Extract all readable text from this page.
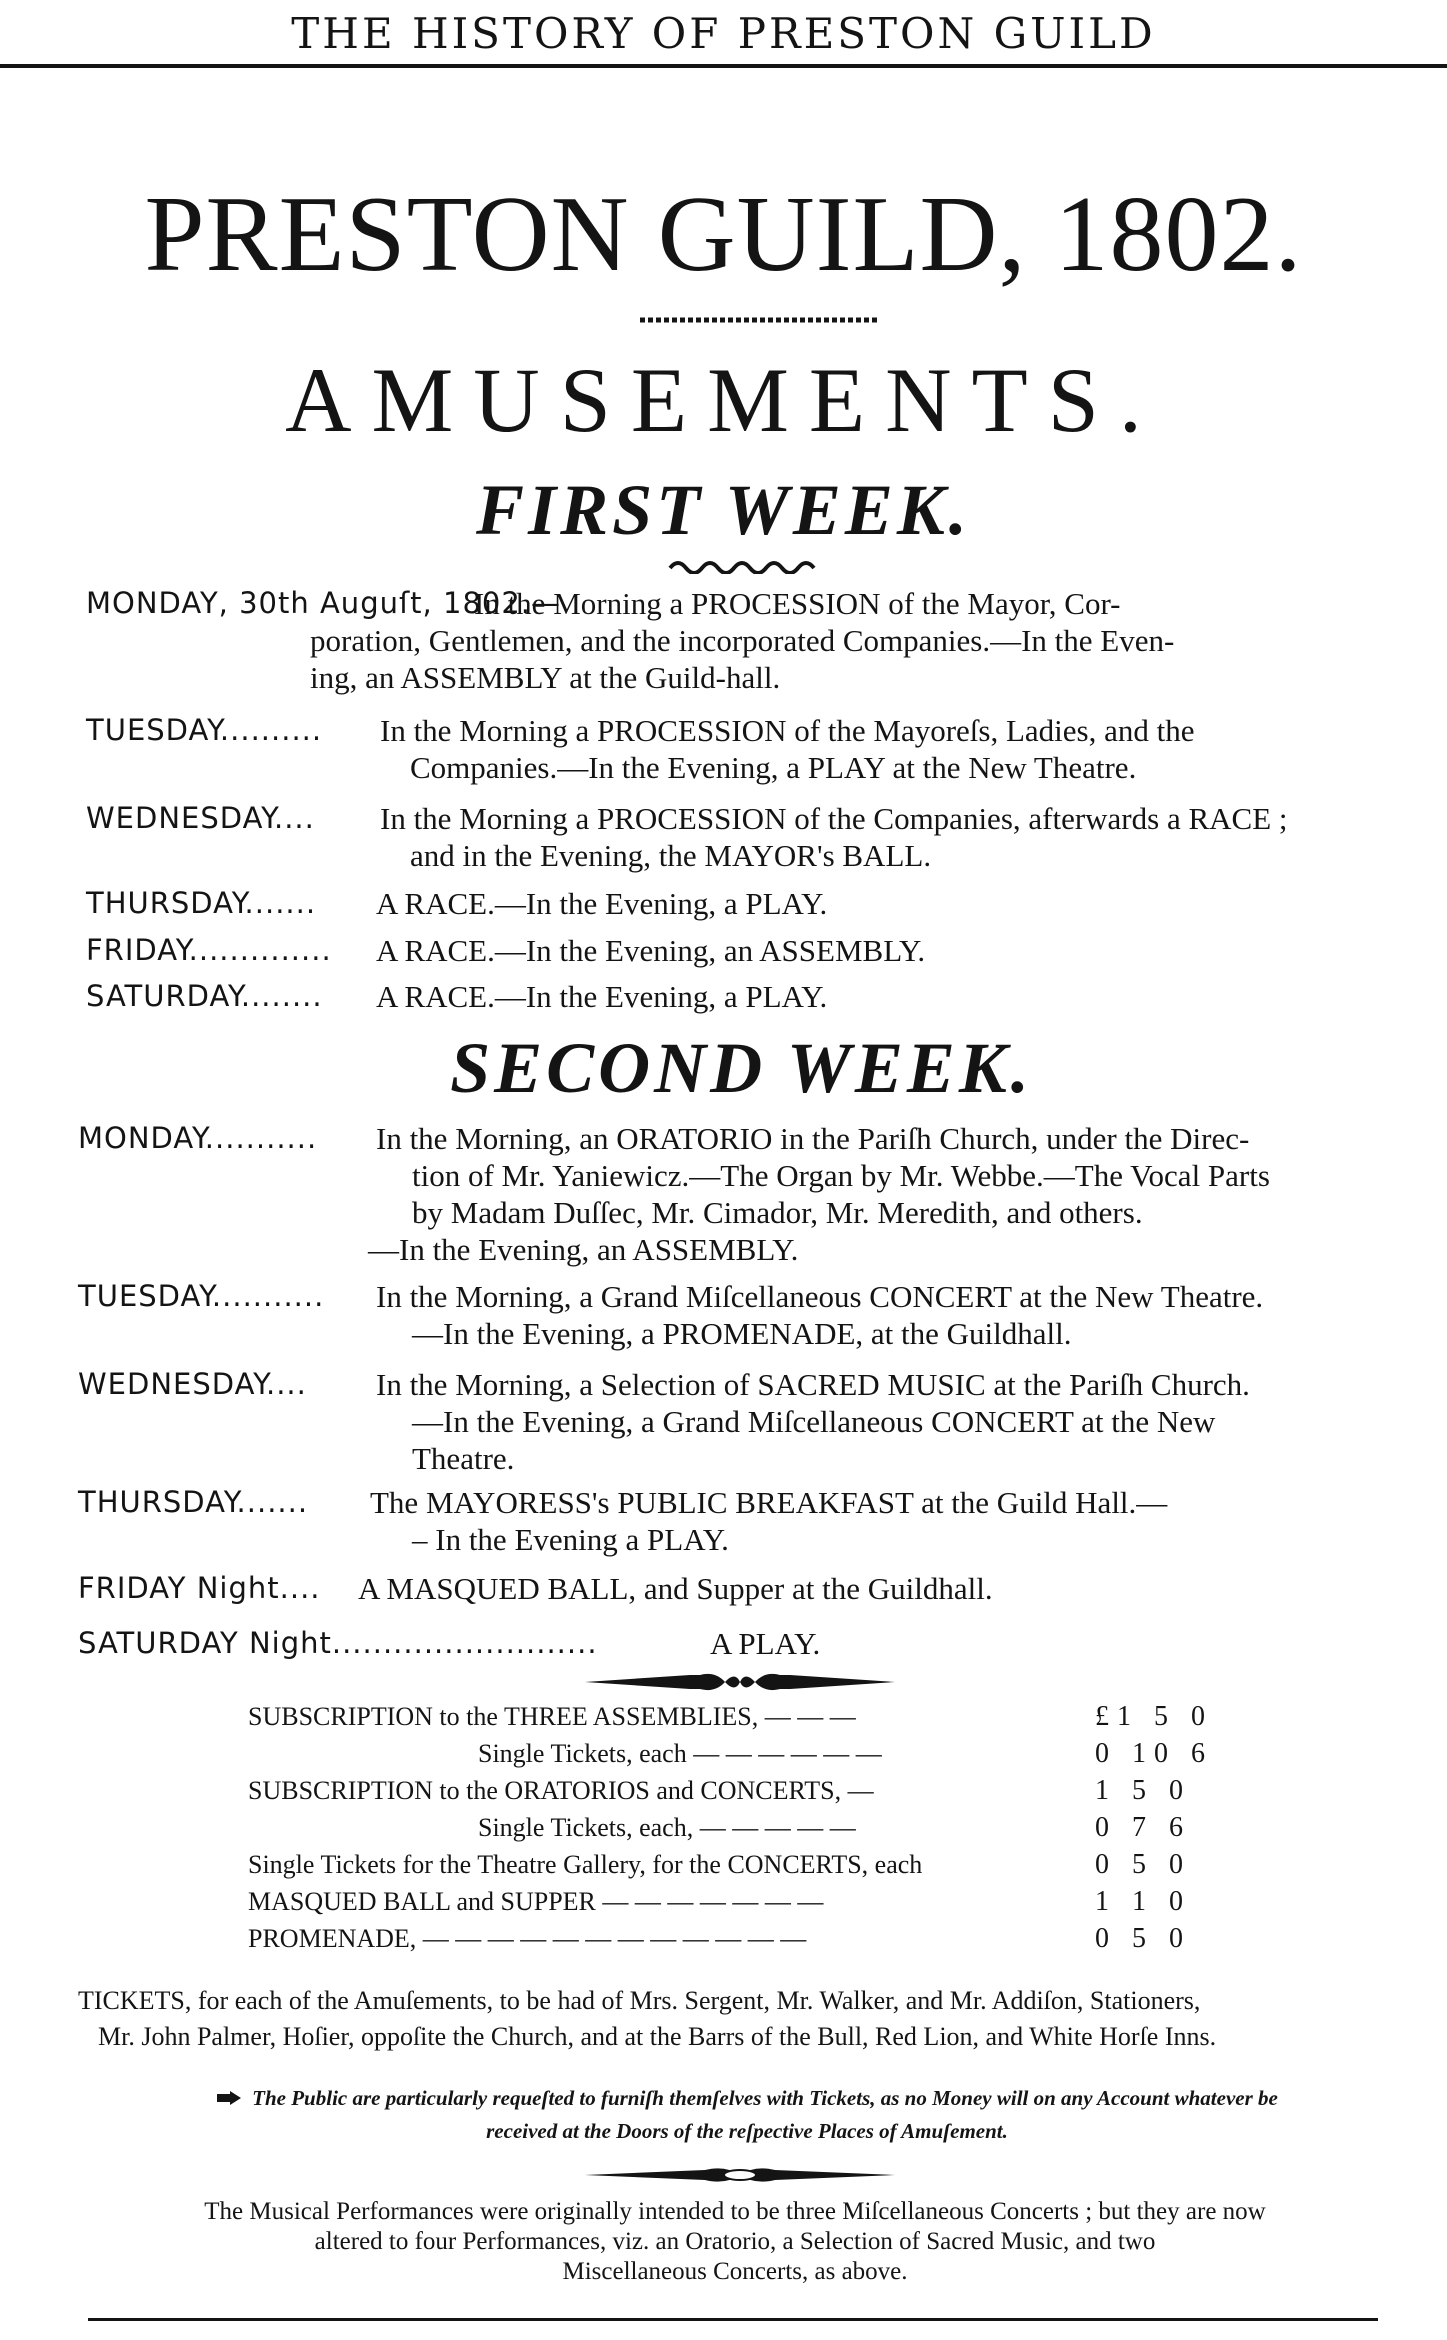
THE HISTORY OF PRESTON GUILD
PRESTON GUILD, 1802.
AMUSEMENTS.
FIRST WEEK.
MONDAY, 30th Auguſt, 1802.—
In the Morning a PROCESSION of the Mayor, Cor-
poration, Gentlemen, and the incorporated Companies.—In the Even-
ing, an ASSEMBLY at the Guild-hall.
TUESDAY.......... In the Morning a PROCESSION of the Mayoreſs, Ladies, and the
Companies.—In the Evening, a PLAY at the New Theatre.
WEDNESDAY.... In the Morning a PROCESSION of the Companies, afterwards a RACE ;
and in the Evening, the MAYOR's BALL.
THURSDAY....... A RACE.—In the Evening, a PLAY.
FRIDAY.............. A RACE.—In the Evening, an ASSEMBLY.
SATURDAY........ A RACE.—In the Evening, a PLAY.
SECOND WEEK.
MONDAY........... In the Morning, an ORATORIO in the Pariſh Church, under the Direc-
tion of Mr. Yaniewicz.—The Organ by Mr. Webbe.—The Vocal Parts
by Madam Duſſec, Mr. Cimador, Mr. Meredith, and others.
—In the Evening, an ASSEMBLY.
TUESDAY........... In the Morning, a Grand Miſcellaneous CONCERT at the New Theatre.
—In the Evening, a PROMENADE, at the Guildhall.
WEDNESDAY.... In the Morning, a Selection of SACRED MUSIC at the Pariſh Church.
—In the Evening, a Grand Miſcellaneous CONCERT at the New
Theatre.
THURSDAY....... The MAYORESS's PUBLIC BREAKFAST at the Guild Hall.—
– In the Evening a PLAY.
FRIDAY Night.... A MASQUED BALL, and Supper at the Guildhall.
SATURDAY Night..........................	A PLAY.
SUBSCRIPTION to the THREE ASSEMBLIES, — — —	£1 5 0
Single Tickets, each — — — — — —	0 10 6
SUBSCRIPTION to the ORATORIOS and CONCERTS, —	1 5 0
Single Tickets, each, — — — — —	0 7 6
Single Tickets for the Theatre Gallery, for the CONCERTS, each	0 5 0
MASQUED BALL and SUPPER — — — — — — —	1 1 0
PROMENADE, — — — — — — — — — — — —	0 5 0
TICKETS, for each of the Amuſements, to be had of Mrs. Sergent, Mr. Walker, and Mr. Addiſon, Stationers,
Mr. John Palmer, Hoſier, oppoſite the Church, and at the Barrs of the Bull, Red Lion, and White Horſe Inns.
The Public are particularly requeſted to furniſh themſelves with Tickets, as no Money will on any Account whatever be
received at the Doors of the reſpective Places of Amuſement.
The Musical Performances were originally intended to be three Miſcellaneous Concerts ; but they are now
altered to four Performances, viz. an Oratorio, a Selection of Sacred Music, and two
Miscellaneous Concerts, as above.
